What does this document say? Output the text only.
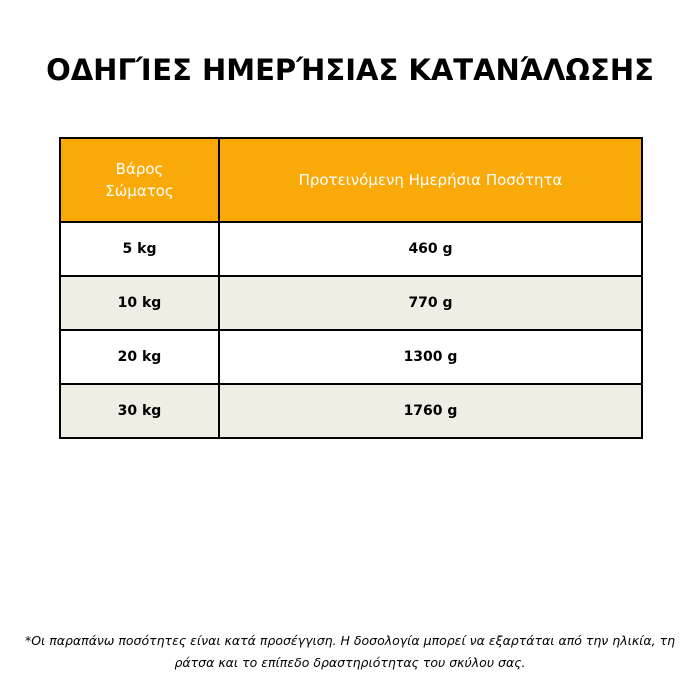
ΟΔΗΓΊΕΣ ΗΜΕΡΉΣΙΑΣ ΚΑΤΑΝΆΛΩΣΗΣ
Βάρος Σώματος	Προτεινόμενη Ημερήσια Ποσότητα
5 kg	460 g
10 kg	770 g
20 kg	1300 g
30 kg	1760 g
*Οι παραπάνω ποσότητες είναι κατά προσέγγιση. Η δοσολογία μπορεί να εξαρτάται από την ηλικία, τη ράτσα και το επίπεδο δραστηριότητας του σκύλου σας.
